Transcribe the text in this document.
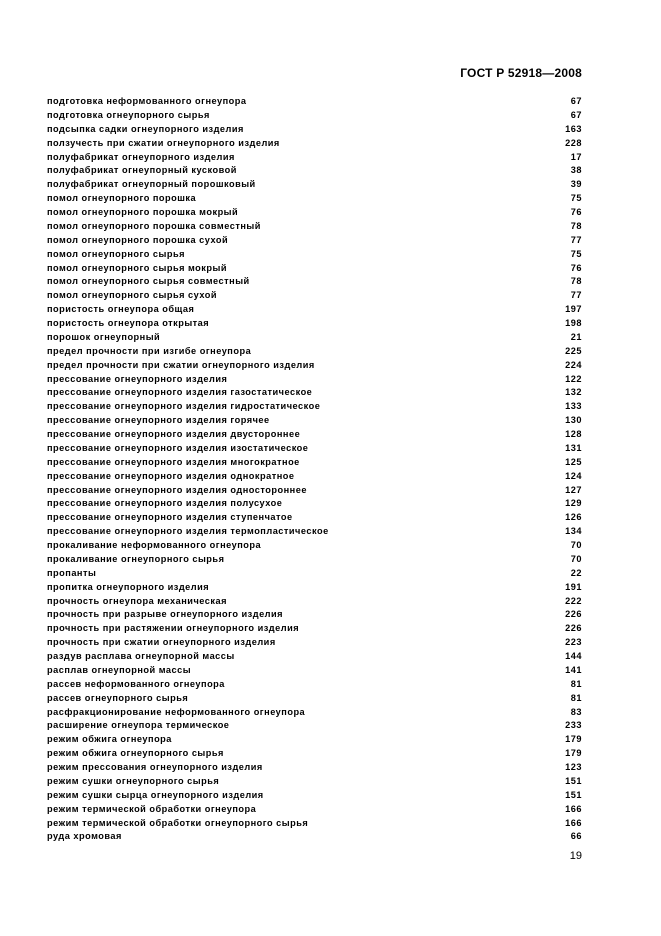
ГОСТ Р 52918—2008
подготовка неформованного огнеупора	67
подготовка огнеупорного сырья	67
подсыпка садки огнеупорного изделия	163
ползучесть при сжатии огнеупорного изделия	228
полуфабрикат огнеупорного изделия	17
полуфабрикат огнеупорный кусковой	38
полуфабрикат огнеупорный порошковый	39
помол огнеупорного порошка	75
помол огнеупорного порошка мокрый	76
помол огнеупорного порошка совместный	78
помол огнеупорного порошка сухой	77
помол огнеупорного сырья	75
помол огнеупорного сырья мокрый	76
помол огнеупорного сырья совместный	78
помол огнеупорного сырья сухой	77
пористость огнеупора общая	197
пористость огнеупора открытая	198
порошок огнеупорный	21
предел прочности при изгибе огнеупора	225
предел прочности при сжатии огнеупорного изделия	224
прессование огнеупорного изделия	122
прессование огнеупорного изделия газостатическое	132
прессование огнеупорного изделия гидростатическое	133
прессование огнеупорного изделия горячее	130
прессование огнеупорного изделия двустороннее	128
прессование огнеупорного изделия изостатическое	131
прессование огнеупорного изделия многократное	125
прессование огнеупорного изделия однократное	124
прессование огнеупорного изделия одностороннее	127
прессование огнеупорного изделия полусухое	129
прессование огнеупорного изделия ступенчатое	126
прессование огнеупорного изделия термопластическое	134
прокаливание неформованного огнеупора	70
прокаливание огнеупорного сырья	70
пропанты	22
пропитка огнеупорного изделия	191
прочность огнеупора механическая	222
прочность при разрыве огнеупорного изделия	226
прочность при растяжении огнеупорного изделия	226
прочность при сжатии огнеупорного изделия	223
раздув расплава огнеупорной массы	144
расплав огнеупорной массы	141
рассев неформованного огнеупора	81
рассев огнеупорного сырья	81
расфракционирование неформованного огнеупора	83
расширение огнеупора термическое	233
режим обжига огнеупора	179
режим обжига огнеупорного сырья	179
режим прессования огнеупорного изделия	123
режим сушки огнеупорного сырья	151
режим сушки сырца огнеупорного изделия	151
режим термической обработки огнеупора	166
режим термической обработки огнеупорного сырья	166
руда хромовая	66
19
